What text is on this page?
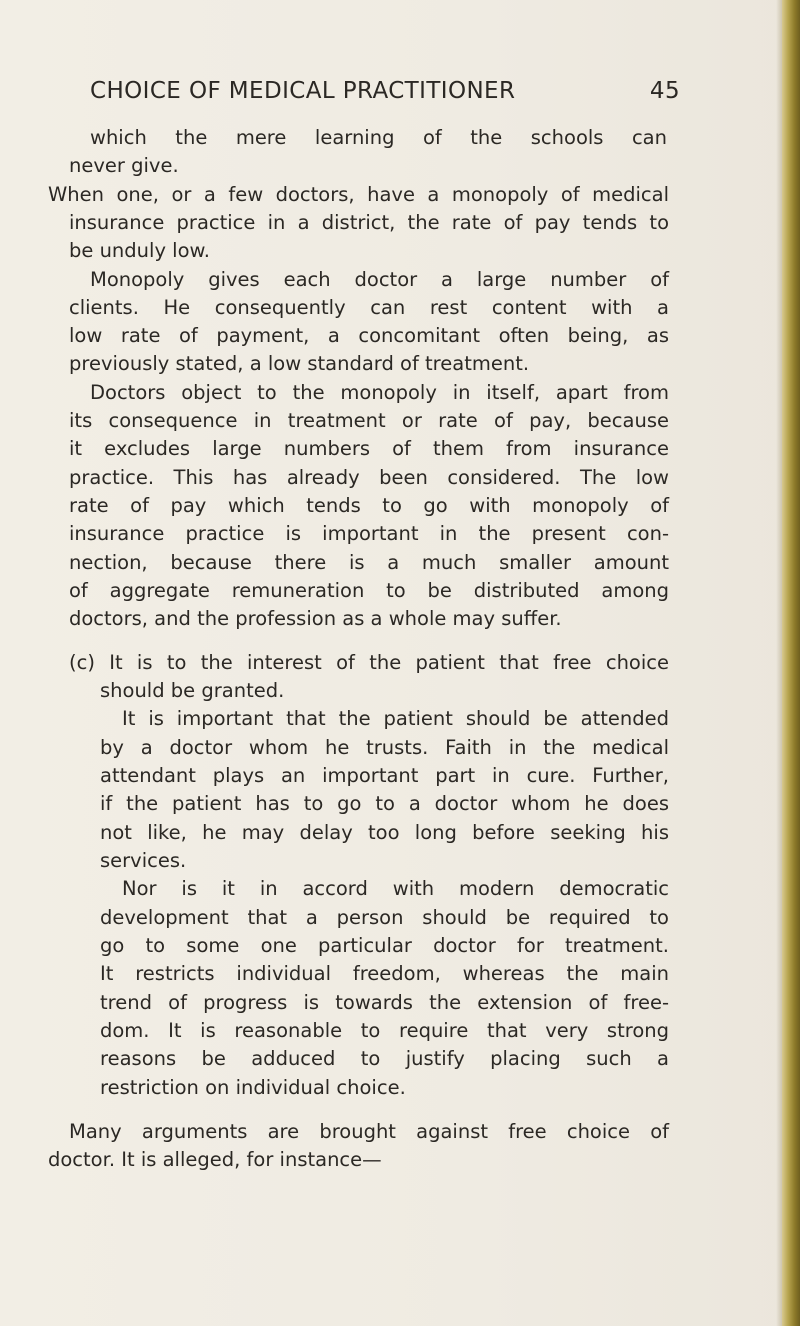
CHOICE OF MEDICAL PRACTITIONER	45
which the mere learning of the schools can
never give.
When one, or a few doctors, have a monopoly of medical
insurance practice in a district, the rate of pay tends to
be unduly low.
Monopoly gives each doctor a large number of
clients. He consequently can rest content with a
low rate of payment, a concomitant often being, as
previously stated, a low standard of treatment.
Doctors object to the monopoly in itself, apart from
its consequence in treatment or rate of pay, because
it excludes large numbers of them from insurance
practice. This has already been considered. The low
rate of pay which tends to go with monopoly of
insurance practice is important in the present con-
nection, because there is a much smaller amount
of aggregate remuneration to be distributed among
doctors, and the profession as a whole may suffer.
(c) It is to the interest of the patient that free choice
should be granted.
It is important that the patient should be attended
by a doctor whom he trusts. Faith in the medical
attendant plays an important part in cure. Further,
if the patient has to go to a doctor whom he does
not like, he may delay too long before seeking his
services.
Nor is it in accord with modern democratic
development that a person should be required to
go to some one particular doctor for treatment.
It restricts individual freedom, whereas the main
trend of progress is towards the extension of free-
dom. It is reasonable to require that very strong
reasons be adduced to justify placing such a
restriction on individual choice.
Many arguments are brought against free choice of
doctor. It is alleged, for instance—
